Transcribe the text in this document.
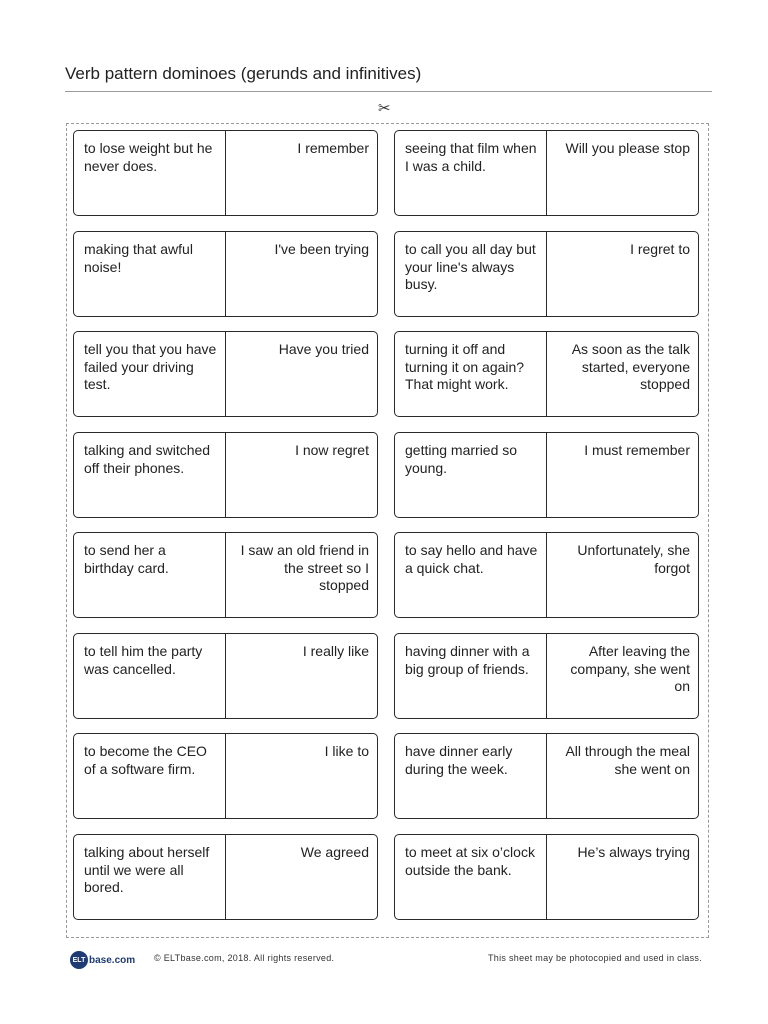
Verb pattern dominoes (gerunds and infinitives)
✂
to lose weight but he never does.
I remember	seeing that film when I was a child.
Will you please stop
making that awful noise!
I've been trying	to call you all day but your line's always busy.
I regret to
tell you that you have failed your driving test.
Have you tried	turning it off and turning it on again? That might work.
As soon as the talk started, everyone stopped
talking and switched off their phones.
I now regret	getting married so young.
I must remember
to send her a birthday card.
I saw an old friend in the street so I stopped
to say hello and have a quick chat.
Unfortunately, she forgot
to tell him the party was cancelled.
I really like	having dinner with a big group of friends.
After leaving the company, she went on
to become the CEO of a software firm.
I like to	have dinner early during the week.
All through the meal she went on
talking about herself until we were all bored.
We agreed	to meet at six o’clock outside the bank.
He’s always trying
ELT base.com © ELTbase.com, 2018. All rights reserved.	This sheet may be photocopied and used in class.
